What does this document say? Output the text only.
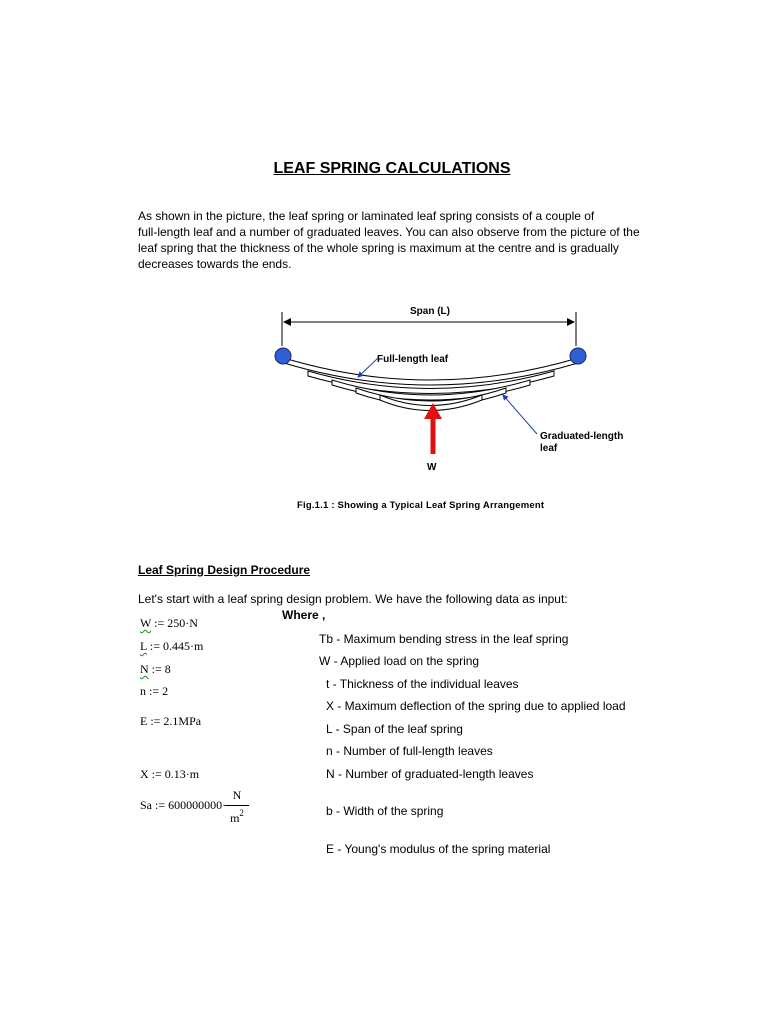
LEAF SPRING CALCULATIONS
As shown in the picture, the leaf spring or laminated leaf spring consists of a couple of
full-length leaf and a number of graduated leaves. You can also observe from the picture of the
leaf spring that the thickness of the whole spring is maximum at the centre and is gradually
decreases towards the ends.
Span (L)
Full-length leaf
Graduated-length
leaf
W
Fig.1.1 : Showing a Typical Leaf Spring Arrangement
Leaf Spring Design Procedure
Let's start with a leaf spring design problem. We have the following data as input:
Where ,
W := 250·N
L := 0.445·m
N := 8
n := 2
E := 2.1MPa
X := 0.13·m
Sa := 600000000·
N
$m^2$
Tb - Maximum bending stress in the leaf spring
W - Applied load on the spring
t - Thickness of the individual leaves
X - Maximum deflection of the spring due to applied load
L - Span of the leaf spring
n - Number of full-length leaves
N - Number of graduated-length leaves
b - Width of the spring
E - Young's modulus of the spring material
